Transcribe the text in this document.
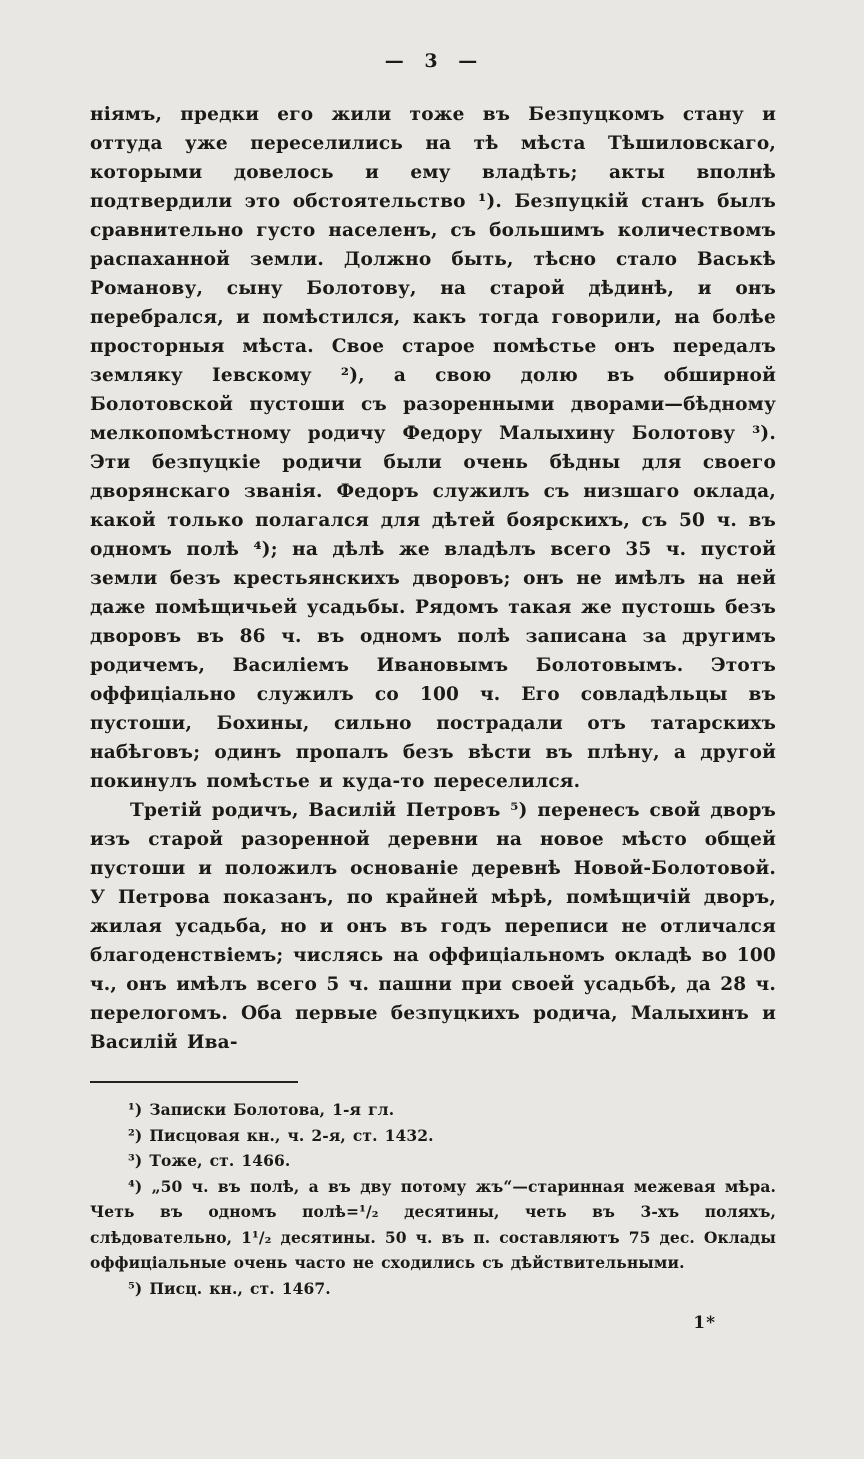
— 3 —

ніямъ, предки его жили тоже въ Безпуцкомъ стану и оттуда уже переселились на тѣ мѣста Тѣшиловскаго, которыми довелось и ему владѣть; акты вполнѣ подтвердили это обстоятельство ¹). Безпуцкій станъ былъ сравнительно густо населенъ, съ большимъ количествомъ распаханной земли. Должно быть, тѣсно стало Васькѣ Романову, сыну Болотову, на старой дѣдинѣ, и онъ перебрался, и помѣстился, какъ тогда говорили, на болѣе просторныя мѣста. Свое старое помѣстье онъ передалъ земляку Іевскому ²), а свою долю въ обширной Болотовской пустоши съ разоренными дворами—бѣдному мелкопомѣстному родичу Федору Малыхину Болотову ³). Эти безпуцкіе родичи были очень бѣдны для своего дворянскаго званія. Федоръ служилъ съ низшаго оклада, какой только полагался для дѣтей боярскихъ, съ 50 ч. въ одномъ полѣ ⁴); на дѣлѣ же владѣлъ всего 35 ч. пустой земли безъ крестьянскихъ дворовъ; онъ не имѣлъ на ней даже помѣщичьей усадьбы. Рядомъ такая же пустошь безъ дворовъ въ 86 ч. въ одномъ полѣ записана за другимъ родичемъ, Василіемъ Ивановымъ Болотовымъ. Этотъ оффиціально служилъ со 100 ч. Его совладѣльцы въ пустоши, Бохины, сильно пострадали отъ татарскихъ набѣговъ; одинъ пропалъ безъ вѣсти въ плѣну, а другой покинулъ помѣстье и куда-то переселился.

Третій родичъ, Василій Петровъ ⁵) перенесъ свой дворъ изъ старой разоренной деревни на новое мѣсто общей пустоши и положилъ основаніе деревнѣ Новой-Болотовой. У Петрова показанъ, по крайней мѣрѣ, помѣщичій дворъ, жилая усадьба, но и онъ въ годъ переписи не отличался благоденствіемъ; числясь на оффиціальномъ окладѣ во 100 ч., онъ имѣлъ всего 5 ч. пашни при своей усадьбѣ, да 28 ч. перелогомъ. Оба первые безпуцкихъ родича, Малыхинъ и Василій Ива-

¹) Записки Болотова, 1-я гл.

²) Писцовая кн., ч. 2-я, ст. 1432.

³) Тоже, ст. 1466.

⁴) „50 ч. въ полѣ, а въ дву потому жъ“—старинная межевая мѣра. Четь въ одномъ полѣ=¹/₂ десятины, четь въ 3-хъ поляхъ, слѣдовательно, 1¹/₂ десятины. 50 ч. въ п. составляютъ 75 дес. Оклады оффиціальные очень часто не сходились съ дѣйствительными.

⁵) Писц. кн., ст. 1467.

1*
